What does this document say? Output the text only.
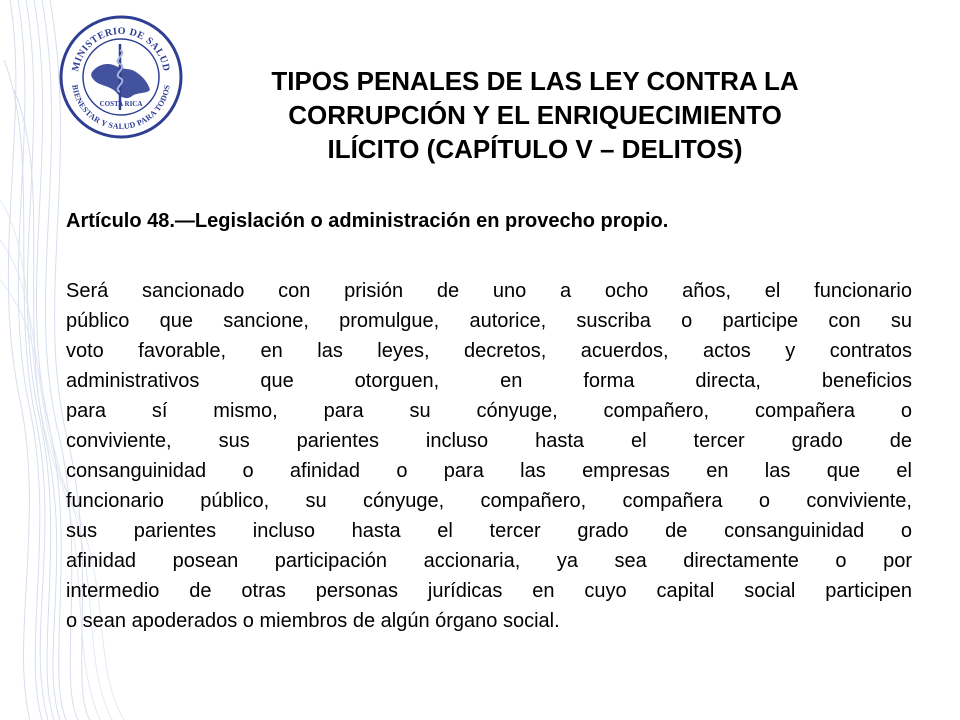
MINISTERIO DE SALUD
BIENESTAR Y SALUD PARA TODOS
COSTA RICA
TIPOS PENALES DE LAS LEY CONTRA LA
CORRUPCIÓN Y EL ENRIQUECIMIENTO
ILÍCITO (CAPÍTULO V – DELITOS)

Artículo 48.—Legislación o administración en provecho propio.

Será sancionado con prisión de uno a ocho años, el funcionario
público que sancione, promulgue, autorice, suscriba o participe con su
voto favorable, en las leyes, decretos, acuerdos, actos y contratos
administrativos que otorguen, en forma directa, beneficios
para sí mismo, para su cónyuge, compañero, compañera o
conviviente, sus parientes incluso hasta el tercer grado de
consanguinidad o afinidad o para las empresas en las que el
funcionario público, su cónyuge, compañero, compañera o conviviente,
sus parientes incluso hasta el tercer grado de consanguinidad o
afinidad posean participación accionaria, ya sea directamente o por
intermedio de otras personas jurídicas en cuyo capital social participen
o sean apoderados o miembros de algún órgano social.
